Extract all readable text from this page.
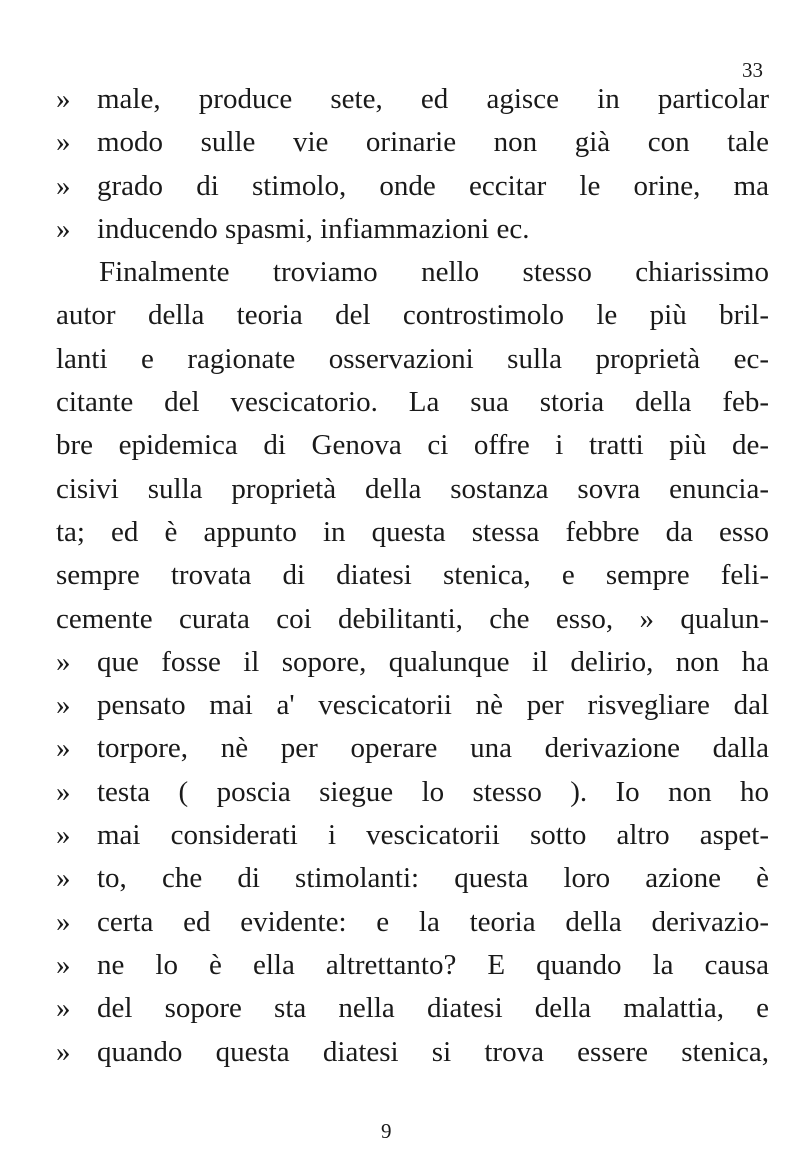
33
» male, produce sete, ed agisce in particolar
» modo sulle vie orinarie non già con tale
» grado di stimolo, onde eccitar le orine, ma
» inducendo spasmi, infiammazioni ec.
Finalmente troviamo nello stesso chiarissimo
autor della teoria del controstimolo le più bril-
lanti e ragionate osservazioni sulla proprietà ec-
citante del vescicatorio. La sua storia della feb-
bre epidemica di Genova ci offre i tratti più de-
cisivi sulla proprietà della sostanza sovra enuncia-
ta; ed è appunto in questa stessa febbre da esso
sempre trovata di diatesi stenica, e sempre feli-
cemente curata coi debilitanti, che esso, » qualun-
» que fosse il sopore, qualunque il delirio, non ha
» pensato mai a' vescicatorii nè per risvegliare dal
» torpore, nè per operare una derivazione dalla
» testa ( poscia siegue lo stesso ). Io non ho
» mai considerati i vescicatorii sotto altro aspet-
» to, che di stimolanti: questa loro azione è
» certa ed evidente: e la teoria della derivazio-
» ne lo è ella altrettanto? E quando la causa
» del sopore sta nella diatesi della malattia, e
» quando questa diatesi si trova essere stenica,
9
